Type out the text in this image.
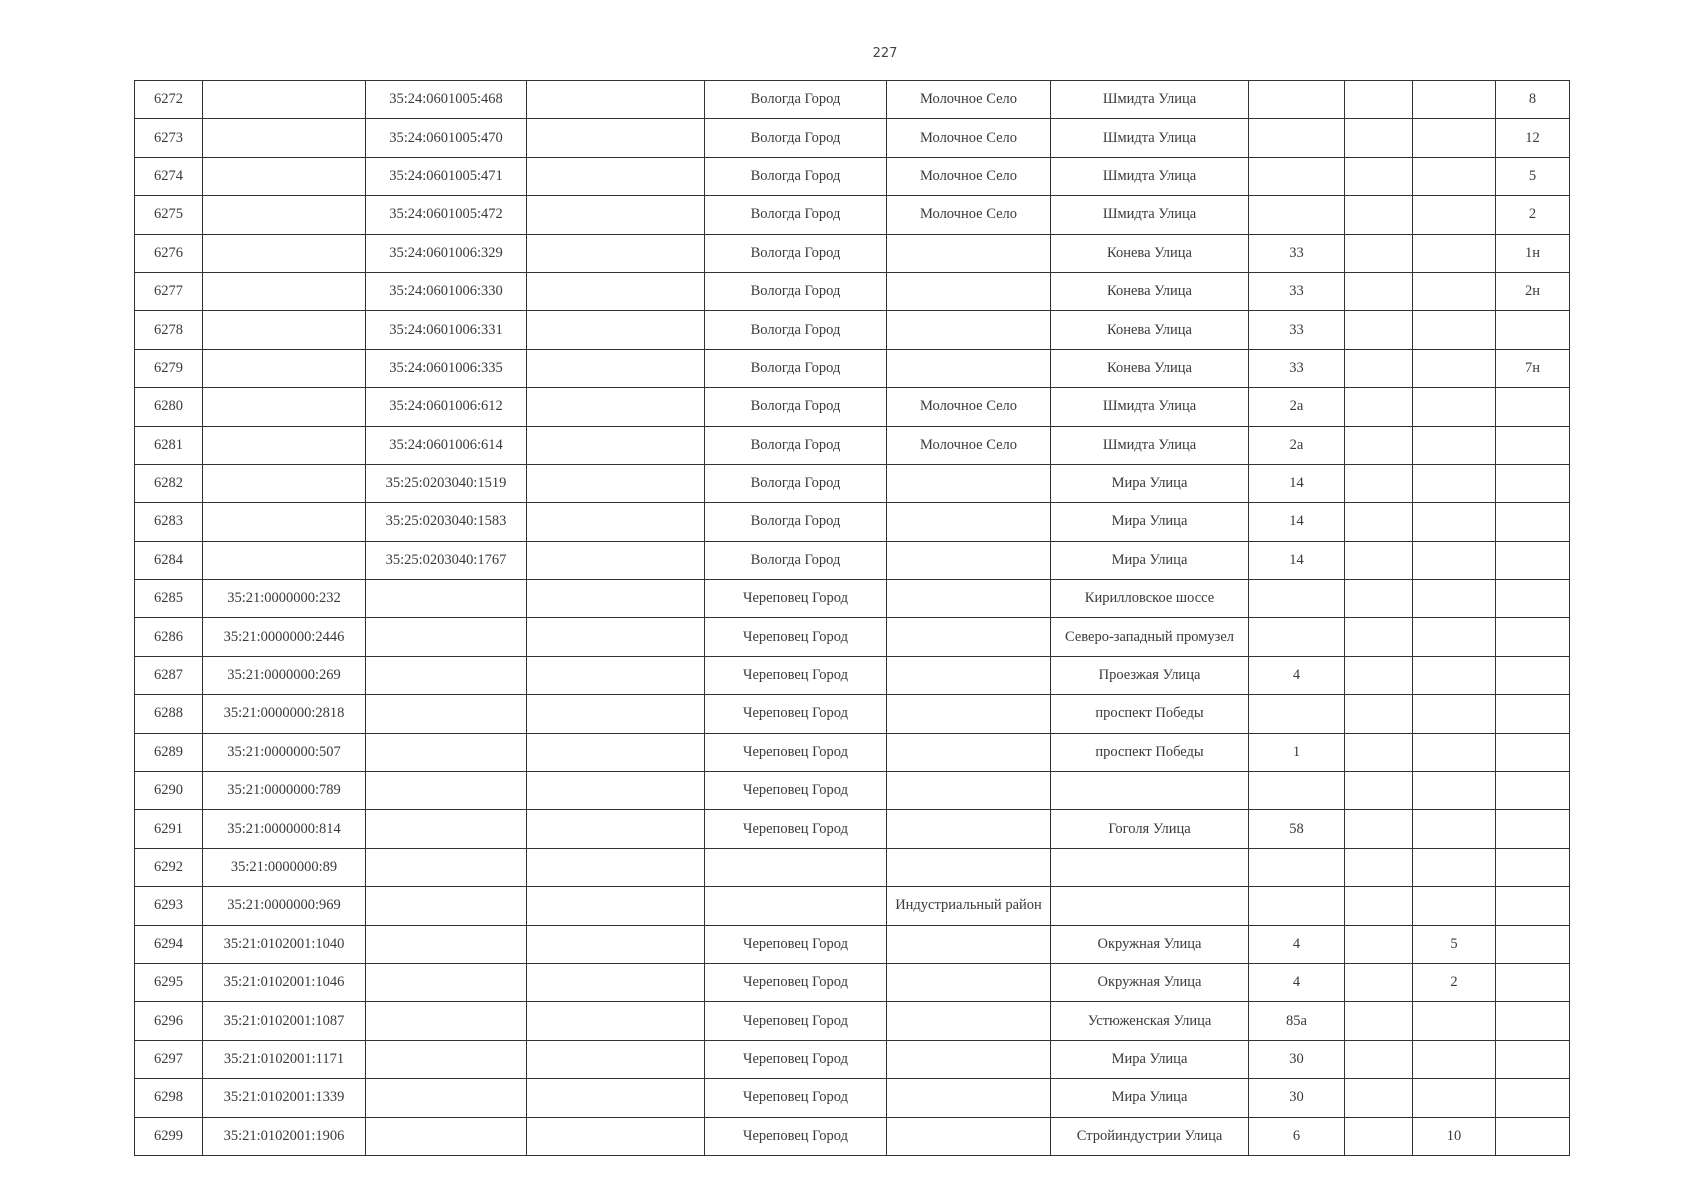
227
6272		35:24:0601005:468		Вологда Город	Молочное Село	Шмидта Улица				8
6273		35:24:0601005:470		Вологда Город	Молочное Село	Шмидта Улица				12
6274		35:24:0601005:471		Вологда Город	Молочное Село	Шмидта Улица				5
6275		35:24:0601005:472		Вологда Город	Молочное Село	Шмидта Улица				2
6276		35:24:0601006:329		Вологда Город		Конева Улица	33			1н
6277		35:24:0601006:330		Вологда Город		Конева Улица	33			2н
6278		35:24:0601006:331		Вологда Город		Конева Улица	33			
6279		35:24:0601006:335		Вологда Город		Конева Улица	33			7н
6280		35:24:0601006:612		Вологда Город	Молочное Село	Шмидта Улица	2а			
6281		35:24:0601006:614		Вологда Город	Молочное Село	Шмидта Улица	2а			
6282		35:25:0203040:1519		Вологда Город		Мира Улица	14			
6283		35:25:0203040:1583		Вологда Город		Мира Улица	14			
6284		35:25:0203040:1767		Вологда Город		Мира Улица	14			
6285	35:21:0000000:232			Череповец Город		Кирилловское шоссе				
6286	35:21:0000000:2446			Череповец Город		Северо-западный промузел				
6287	35:21:0000000:269			Череповец Город		Проезжая Улица	4			
6288	35:21:0000000:2818			Череповец Город		проспект Победы				
6289	35:21:0000000:507			Череповец Город		проспект Победы	1			
6290	35:21:0000000:789			Череповец Город						
6291	35:21:0000000:814			Череповец Город		Гоголя Улица	58			
6292	35:21:0000000:89									
6293	35:21:0000000:969				Индустриальный район					
6294	35:21:0102001:1040			Череповец Город		Окружная Улица	4		5	
6295	35:21:0102001:1046			Череповец Город		Окружная Улица	4		2	
6296	35:21:0102001:1087			Череповец Город		Устюженская Улица	85а			
6297	35:21:0102001:1171			Череповец Город		Мира Улица	30			
6298	35:21:0102001:1339			Череповец Город		Мира Улица	30			
6299	35:21:0102001:1906			Череповец Город		Стройиндустрии Улица	6		10	
